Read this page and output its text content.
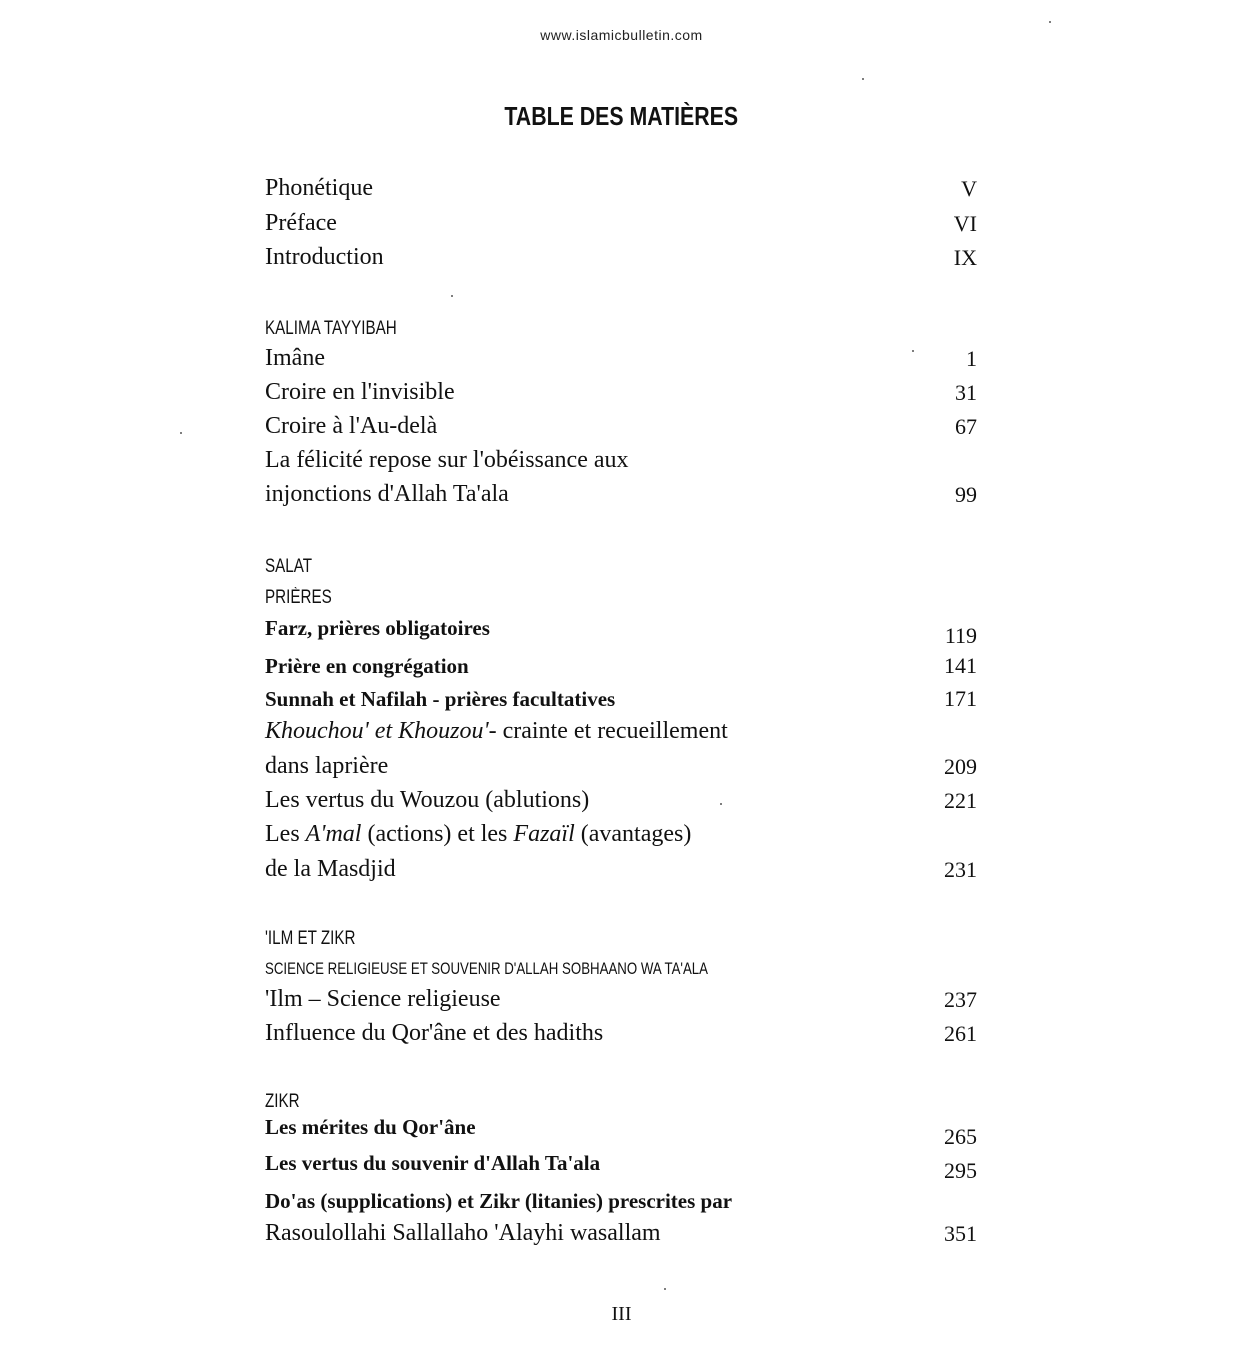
www.islamicbulletin.com
TABLE DES MATIÈRES
Phonétique	V
Préface	VI
Introduction	IX
KALIMA TAYYIBAH
Imâne	1
Croire en l'invisible	31
Croire à l'Au-delà	67
La félicité repose sur l'obéissance aux
injonctions d'Allah Ta'ala	99
SALAT
PRIÈRES
Farz, prières obligatoires	119
Prière en congrégation	141
Sunnah et Nafilah - prières facultatives	171
Khouchou' et Khouzou'- crainte et recueillement
dans laprière	209
Les vertus du Wouzou (ablutions)	221
Les A'mal (actions) et les Fazaïl (avantages)
de la Masdjid	231
'ILM ET ZIKR
SCIENCE RELIGIEUSE ET SOUVENIR D'ALLAH SOBHAANO WA TA'ALA
'Ilm – Science religieuse	237
Influence du Qor'âne et des hadiths	261
ZIKR
Les mérites du Qor'âne	265
Les vertus du souvenir d'Allah Ta'ala	295
Do'as (supplications) et Zikr (litanies) prescrites par
Rasoulollahi Sallallaho 'Alayhi wasallam	351
III
